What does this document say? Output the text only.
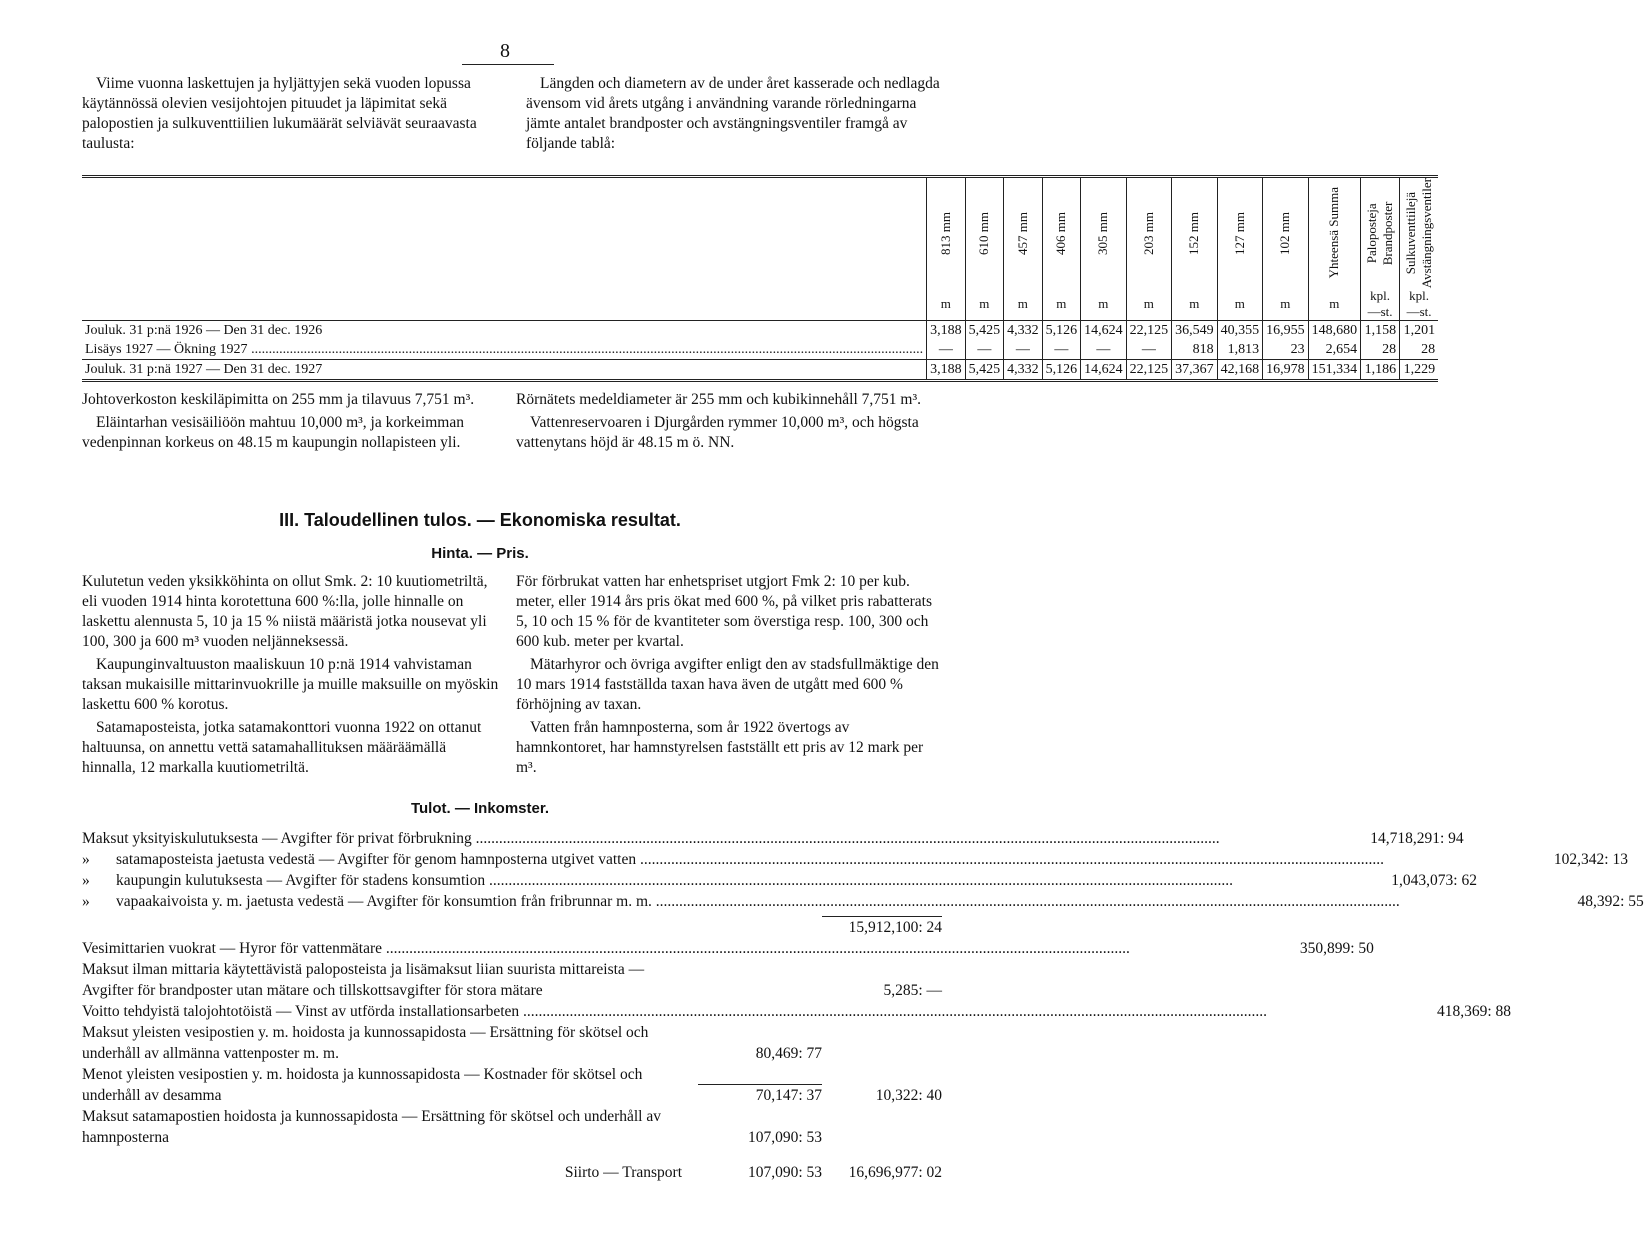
8

Viime vuonna laskettujen ja hyljättyjen sekä vuoden lopussa käytännössä olevien vesijohtojen pituudet ja läpimitat sekä palopostien ja sulkuventtiilien lukumäärät selviävät seuraavasta taulusta:

Längden och diametern av de under året kasserade och nedlagda ävensom vid årets utgång i användning varande rörledningarna jämte antalet brandposter och avstängningsventiler framgå av följande tablå:

	813 mm	610 mm	457 mm	406 mm	305 mm	203 mm	152 mm	127 mm	102 mm	Yhteensä Summa	Paloposteja Brandposter	Sulkuventtiilejä Avstängningsventiler

	m	m	m	m	m	m	m	m	m	m	kpl.—st.	kpl.—st.
Jouluk. 31 p:nä 1926 — Den 31 dec. 1926	3,188	5,425	4,332	5,126	14,624	22,125	36,549	40,355	16,955	148,680	1,158	1,201
Lisäys 1927 — Ökning 1927 .....	—	—	—	—	—	—	818	1,813	23	2,654	28	28
Jouluk. 31 p:nä 1927 — Den 31 dec. 1927	3,188	5,425	4,332	5,126	14,624	22,125	37,367	42,168	16,978	151,334	1,186	1,229

Johtoverkoston keskiläpimitta on 255 mm ja tilavuus 7,751 m³.

Eläintarhan vesisäiliöön mahtuu 10,000 m³, ja korkeimman vedenpinnan korkeus on 48.15 m kaupungin nollapisteen yli.

Rörnätets medeldiameter är 255 mm och kubikinnehåll 7,751 m³.

Vattenreservoaren i Djurgården rymmer 10,000 m³, och högsta vattenytans höjd är 48.15 m ö. NN.

III. Taloudellinen tulos. — Ekonomiska resultat.
Hinta. — Pris.

Kulutetun veden yksikköhinta on ollut Smk. 2: 10 kuutiometriltä, eli vuoden 1914 hinta korotettuna 600 %:lla, jolle hinnalle on laskettu alennusta 5, 10 ja 15 % niistä määristä jotka nousevat yli 100, 300 ja 600 m³ vuoden neljänneksessä.

Kaupunginvaltuuston maaliskuun 10 p:nä 1914 vahvistaman taksan mukaisille mittarinvuokrille ja muille maksuille on myöskin laskettu 600 % korotus.

Satamaposteista, jotka satamakonttori vuonna 1922 on ottanut haltuunsa, on annettu vettä satamahallituksen määräämällä hinnalla, 12 markalla kuutiometriltä.

För förbrukat vatten har enhetspriset utgjort Fmk 2: 10 per kub. meter, eller 1914 års pris ökat med 600 %, på vilket pris rabatterats 5, 10 och 15 % för de kvantiteter som överstiga resp. 100, 300 och 600 kub. meter per kvartal.

Mätarhyror och övriga avgifter enligt den av stadsfullmäktige den 10 mars 1914 fastställda taxan hava även de utgått med 600 % förhöjning av taxan.

Vatten från hamnposterna, som år 1922 övertogs av hamnkontoret, har hamnstyrelsen fastställt ett pris av 12 mark per m³.

Tulot. — Inkomster.
Maksut yksityiskulutuksesta — Avgifter för privat förbrukning .....	14,718,291: 94
» satamaposteista jaetusta vedestä — Avgifter för genom hamnposterna utgivet vatten .....	102,342: 13
» kaupungin kulutuksesta — Avgifter för stadens konsumtion .....	1,043,073: 62
» vapaakaivoista y. m. jaetusta vedestä — Avgifter för konsumtion från fribrunnar m. m. .....	48,392: 55
15,912,100: 24
Vesimittarien vuokrat — Hyror för vattenmätare .....	350,899: 50
Maksut ilman mittaria käytettävistä paloposteista ja lisämaksut liian suurista mittareista — Avgifter för brandposter utan mätare och tillskottsavgifter för stora mätare	5,285: —
Voitto tehdyistä talojohtotöistä — Vinst av utförda installationsarbeten .....	418,369: 88
Maksut yleisten vesipostien y. m. hoidosta ja kunnossapidosta — Ersättning för skötsel och underhåll av allmänna vattenposter m. m.	80,469: 77
Menot yleisten vesipostien y. m. hoidosta ja kunnossapidosta — Kostnader för skötsel och underhåll av desamma	70,147: 37	10,322: 40
Maksut satamapostien hoidosta ja kunnossapidosta — Ersättning för skötsel och underhåll av hamnposterna	107,090: 53
Siirto — Transport	107,090: 53	16,696,977: 02
